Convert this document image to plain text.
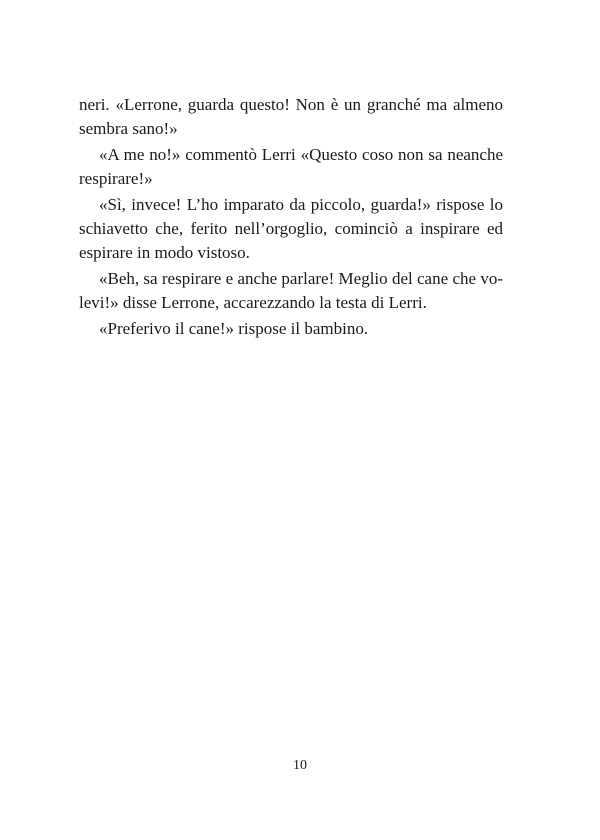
neri. «Lerrone, guarda questo! Non è un granché ma almeno
sembra sano!»
«A me no!» commentò Lerri «Questo coso non sa neanche
respirare!»
«Sì, invece! L’ho imparato da piccolo, guarda!» rispose lo
schiavetto che, ferito nell’orgoglio, cominciò a inspirare ed
espirare in modo vistoso.
«Beh, sa respirare e anche parlare! Meglio del cane che vo-
levi!» disse Lerrone, accarezzando la testa di Lerri.
«Preferivo il cane!» rispose il bambino.
10
